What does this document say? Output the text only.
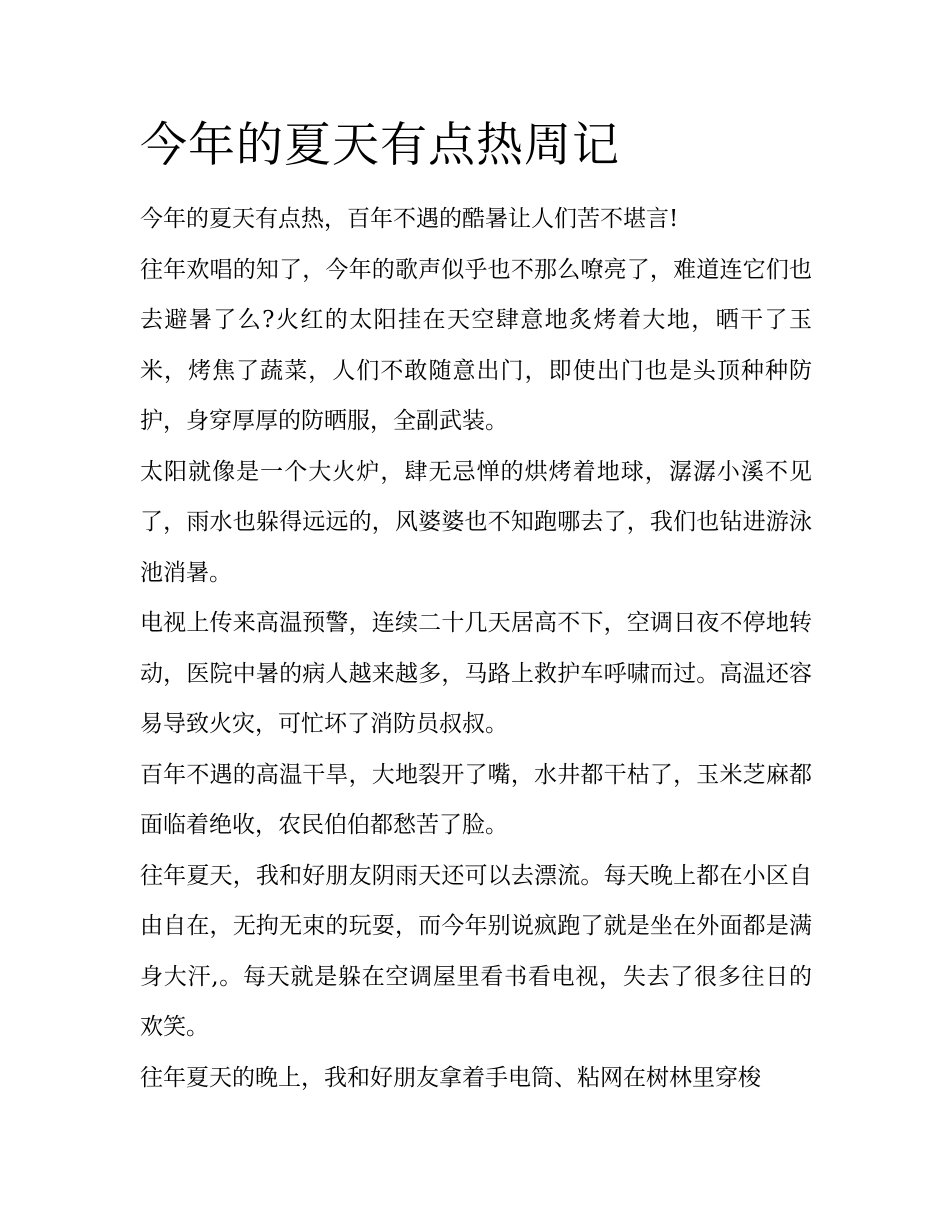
今年的夏天有点热周记

今年的夏天有点热，百年不遇的酷暑让人们苦不堪言!

往年欢唱的知了，今年的歌声似乎也不那么嘹亮了，难道连它们也去避暑了么?火红的太阳挂在天空肆意地炙烤着大地，晒干了玉米，烤焦了蔬菜，人们不敢随意出门，即使出门也是头顶种种防护，身穿厚厚的防晒服，全副武装。

太阳就像是一个大火炉，肆无忌惮的烘烤着地球，潺潺小溪不见了，雨水也躲得远远的，风婆婆也不知跑哪去了，我们也钻进游泳池消暑。

电视上传来高温预警，连续二十几天居高不下，空调日夜不停地转动，医院中暑的病人越来越多，马路上救护车呼啸而过。高温还容易导致火灾，可忙坏了消防员叔叔。

百年不遇的高温干旱，大地裂开了嘴，水井都干枯了，玉米芝麻都面临着绝收，农民伯伯都愁苦了脸。

往年夏天，我和好朋友阴雨天还可以去漂流。每天晚上都在小区自由自在，无拘无束的玩耍，而今年别说疯跑了就是坐在外面都是满身大汗,。每天就是躲在空调屋里看书看电视，失去了很多往日的欢笑。

往年夏天的晚上，我和好朋友拿着手电筒、粘网在树林里穿梭
